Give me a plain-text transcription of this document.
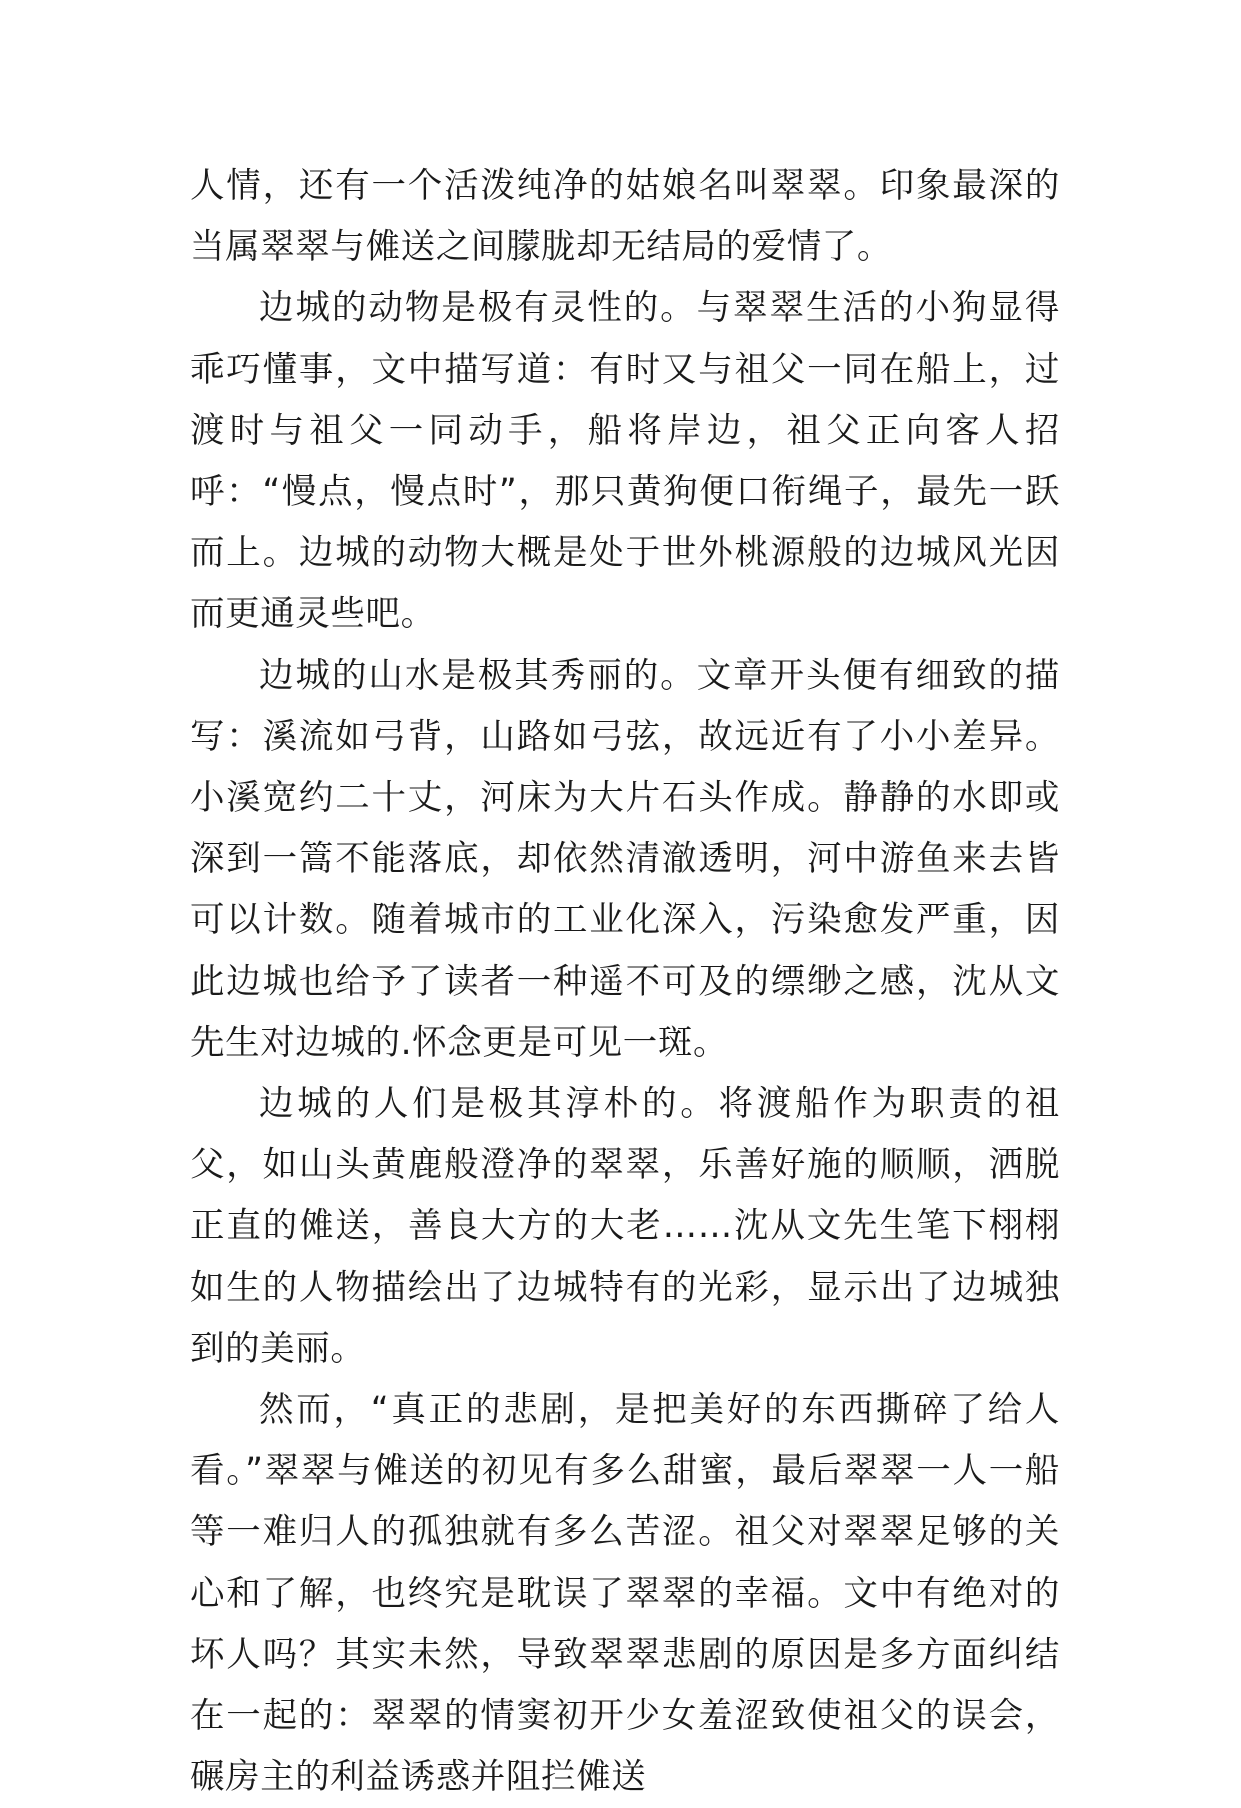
人情，还有一个活泼纯净的姑娘名叫翠翠。印象最深的当属翠翠与傩送之间朦胧却无结局的爱情了。

边城的动物是极有灵性的。与翠翠生活的小狗显得乖巧懂事，文中描写道：有时又与祖父一同在船上，过渡时与祖父一同动手，船将岸边，祖父正向客人招呼：“慢点，慢点时”，那只黄狗便口衔绳子，最先一跃而上。边城的动物大概是处于世外桃源般的边城风光因而更通灵些吧。

边城的山水是极其秀丽的。文章开头便有细致的描写：溪流如弓背，山路如弓弦，故远近有了小小差异。小溪宽约二十丈，河床为大片石头作成。静静的水即或深到一篙不能落底，却依然清澈透明，河中游鱼来去皆可以计数。随着城市的工业化深入，污染愈发严重，因此边城也给予了读者一种遥不可及的缥缈之感，沈从文先生对边城的.怀念更是可见一斑。

边城的人们是极其淳朴的。将渡船作为职责的祖父，如山头黄鹿般澄净的翠翠，乐善好施的顺顺，洒脱正直的傩送，善良大方的大老……沈从文先生笔下栩栩如生的人物描绘出了边城特有的光彩，显示出了边城独到的美丽。

然而，“真正的悲剧，是把美好的东西撕碎了给人看。”翠翠与傩送的初见有多么甜蜜，最后翠翠一人一船等一难归人的孤独就有多么苦涩。祖父对翠翠足够的关心和了解，也终究是耽误了翠翠的幸福。文中有绝对的坏人吗？其实未然，导致翠翠悲剧的原因是多方面纠结在一起的：翠翠的情窦初开少女羞涩致使祖父的误会，碾房主的利益诱惑并阻拦傩送
